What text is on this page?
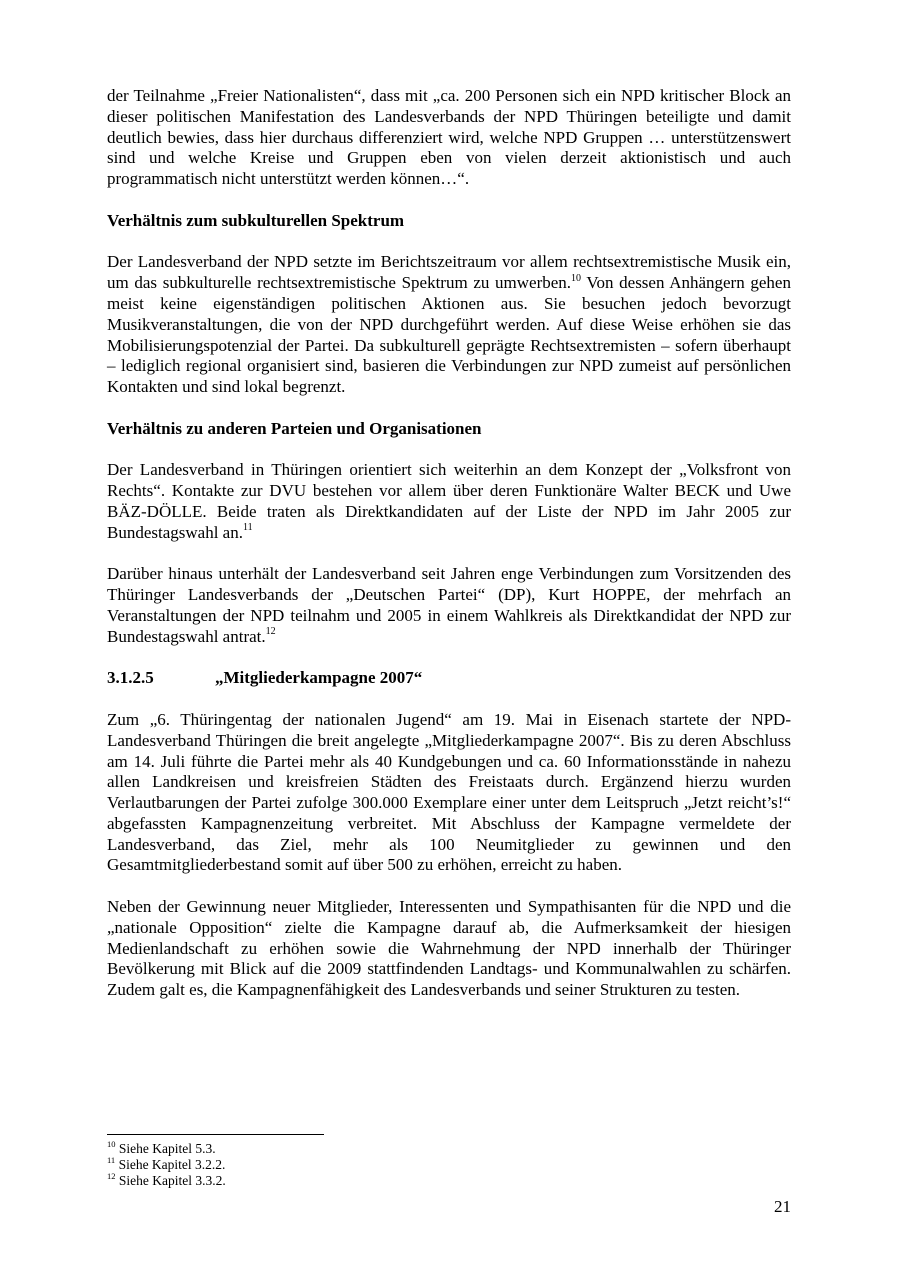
der Teilnahme „Freier Nationalisten“, dass mit „ca. 200 Personen sich ein NPD kritischer Block an dieser politischen Manifestation des Landesverbands der NPD Thüringen beteiligte und damit deutlich bewies, dass hier durchaus differenziert wird, welche NPD Gruppen … unterstützenswert sind und welche Kreise und Gruppen eben von vielen derzeit aktionistisch und auch programmatisch nicht unterstützt werden können…“.

Verhältnis zum subkulturellen Spektrum

Der Landesverband der NPD setzte im Berichtszeitraum vor allem rechtsextremistische Musik ein, um das subkulturelle rechtsextremistische Spektrum zu umwerben.$^{10}$ Von dessen Anhängern gehen meist keine eigenständigen politischen Aktionen aus. Sie besuchen jedoch bevorzugt Musikveranstaltungen, die von der NPD durchgeführt werden. Auf diese Weise erhöhen sie das Mobilisierungspotenzial der Partei. Da subkulturell geprägte Rechtsextremisten – sofern überhaupt – lediglich regional organisiert sind, basieren die Verbindungen zur NPD zumeist auf persönlichen Kontakten und sind lokal begrenzt.

Verhältnis zu anderen Parteien und Organisationen

Der Landesverband in Thüringen orientiert sich weiterhin an dem Konzept der „Volksfront von Rechts“. Kontakte zur DVU bestehen vor allem über deren Funktionäre Walter BECK und Uwe BÄZ-DÖLLE. Beide traten als Direktkandidaten auf der Liste der NPD im Jahr 2005 zur Bundestagswahl an.$^{11}$

Darüber hinaus unterhält der Landesverband seit Jahren enge Verbindungen zum Vorsitzenden des Thüringer Landesverbands der „Deutschen Partei“ (DP), Kurt HOPPE, der mehrfach an Veranstaltungen der NPD teilnahm und 2005 in einem Wahlkreis als Direktkandidat der NPD zur Bundestagswahl antrat.$^{12}$

3.1.2.5	„Mitgliederkampagne 2007“

Zum „6. Thüringentag der nationalen Jugend“ am 19. Mai in Eisenach startete der NPD-Landesverband Thüringen die breit angelegte „Mitgliederkampagne 2007“. Bis zu deren Abschluss am 14. Juli führte die Partei mehr als 40 Kundgebungen und ca. 60 Informationsstände in nahezu allen Landkreisen und kreisfreien Städten des Freistaats durch. Ergänzend hierzu wurden Verlautbarungen der Partei zufolge 300.000 Exemplare einer unter dem Leitspruch „Jetzt reicht’s!“ abgefassten Kampagnenzeitung verbreitet. Mit Abschluss der Kampagne vermeldete der Landesverband, das Ziel, mehr als 100 Neumitglieder zu gewinnen und den Gesamtmitgliederbestand somit auf über 500 zu erhöhen, erreicht zu haben.

Neben der Gewinnung neuer Mitglieder, Interessenten und Sympathisanten für die NPD und die „nationale Opposition“ zielte die Kampagne darauf ab, die Aufmerksamkeit der hiesigen Medienlandschaft zu erhöhen sowie die Wahrnehmung der NPD innerhalb der Thüringer Bevölkerung mit Blick auf die 2009 stattfindenden Landtags- und Kommunalwahlen zu schärfen. Zudem galt es, die Kampagnenfähigkeit des Landesverbands und seiner Strukturen zu testen.

$^{10}$ Siehe Kapitel 5.3.
$^{11}$ Siehe Kapitel 3.2.2.
$^{12}$ Siehe Kapitel 3.3.2.
21
